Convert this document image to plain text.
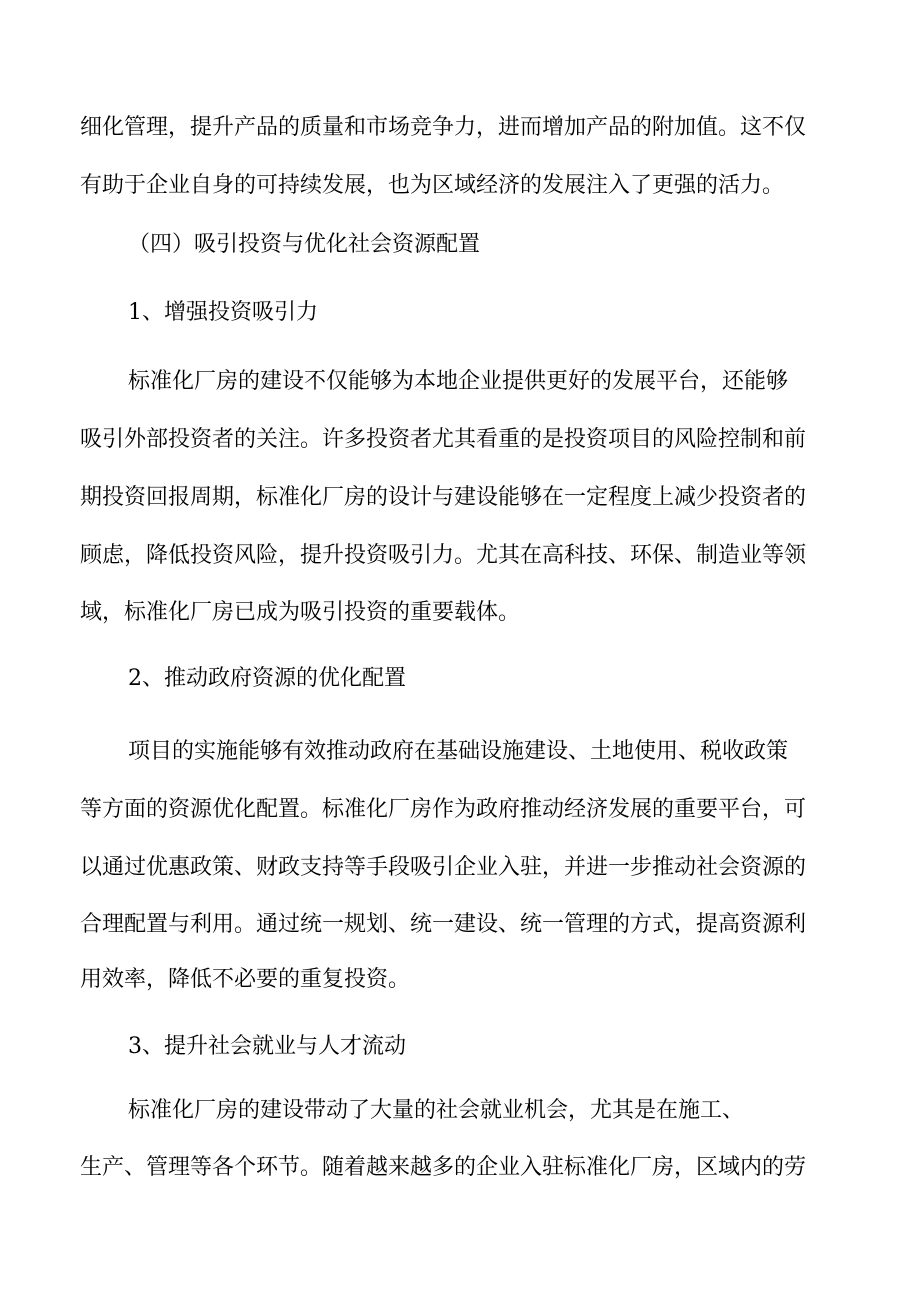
细化管理，提升产品的质量和市场竞争力，进而增加产品的附加值。这不仅
有助于企业自身的可持续发展，也为区域经济的发展注入了更强的活力。
（四）吸引投资与优化社会资源配置
1、增强投资吸引力
标准化厂房的建设不仅能够为本地企业提供更好的发展平台，还能够
吸引外部投资者的关注。许多投资者尤其看重的是投资项目的风险控制和前
期投资回报周期，标准化厂房的设计与建设能够在一定程度上减少投资者的
顾虑，降低投资风险，提升投资吸引力。尤其在高科技、环保、制造业等领
域，标准化厂房已成为吸引投资的重要载体。
2、推动政府资源的优化配置
项目的实施能够有效推动政府在基础设施建设、土地使用、税收政策
等方面的资源优化配置。标准化厂房作为政府推动经济发展的重要平台，可
以通过优惠政策、财政支持等手段吸引企业入驻，并进一步推动社会资源的
合理配置与利用。通过统一规划、统一建设、统一管理的方式，提高资源利
用效率，降低不必要的重复投资。
3、提升社会就业与人才流动
标准化厂房的建设带动了大量的社会就业机会，尤其是在施工、
生产、管理等各个环节。随着越来越多的企业入驻标准化厂房，区域内的劳
